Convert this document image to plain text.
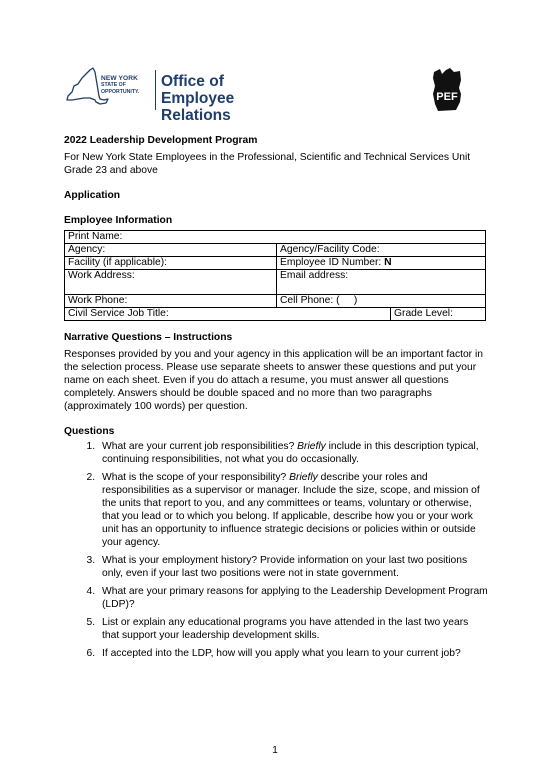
NEW YORK
STATE OF
OPPORTUNITY.
Office of
Employee Relations
PEF

2022 Leadership Development Program

For New York State Employees in the Professional, Scientific and Technical Services Unit Grade 23 and above

Application

Employee Information

Print Name:		
Agency:	Agency/Facility Code:	
Facility (if applicable):	Employee ID Number: N	
Work Address:	Email address:	
Work Phone:	Cell Phone: (     )	
Civil Service Job Title:		Grade Level:

Narrative Questions – Instructions

Responses provided by you and your agency in this application will be an important factor in the selection process. Please use separate sheets to answer these questions and put your name on each sheet. Even if you do attach a resume, you must answer all questions completely. Answers should be double spaced and no more than two paragraphs (approximately 100 words) per question.

Questions

1. What are your current job responsibilities? Briefly include in this description typical, continuing responsibilities, not what you do occasionally.
2. What is the scope of your responsibility? Briefly describe your roles and responsibilities as a supervisor or manager. Include the size, scope, and mission of the units that report to you, and any committees or teams, voluntary or otherwise, that you lead or to which you belong. If applicable, describe how you or your work unit has an opportunity to influence strategic decisions or policies within or outside your agency.
3. What is your employment history? Provide information on your last two positions only, even if your last two positions were not in state government.
4. What are your primary reasons for applying to the Leadership Development Program (LDP)?
5. List or explain any educational programs you have attended in the last two years that support your leadership development skills.
6. If accepted into the LDP, how will you apply what you learn to your current job?
1
